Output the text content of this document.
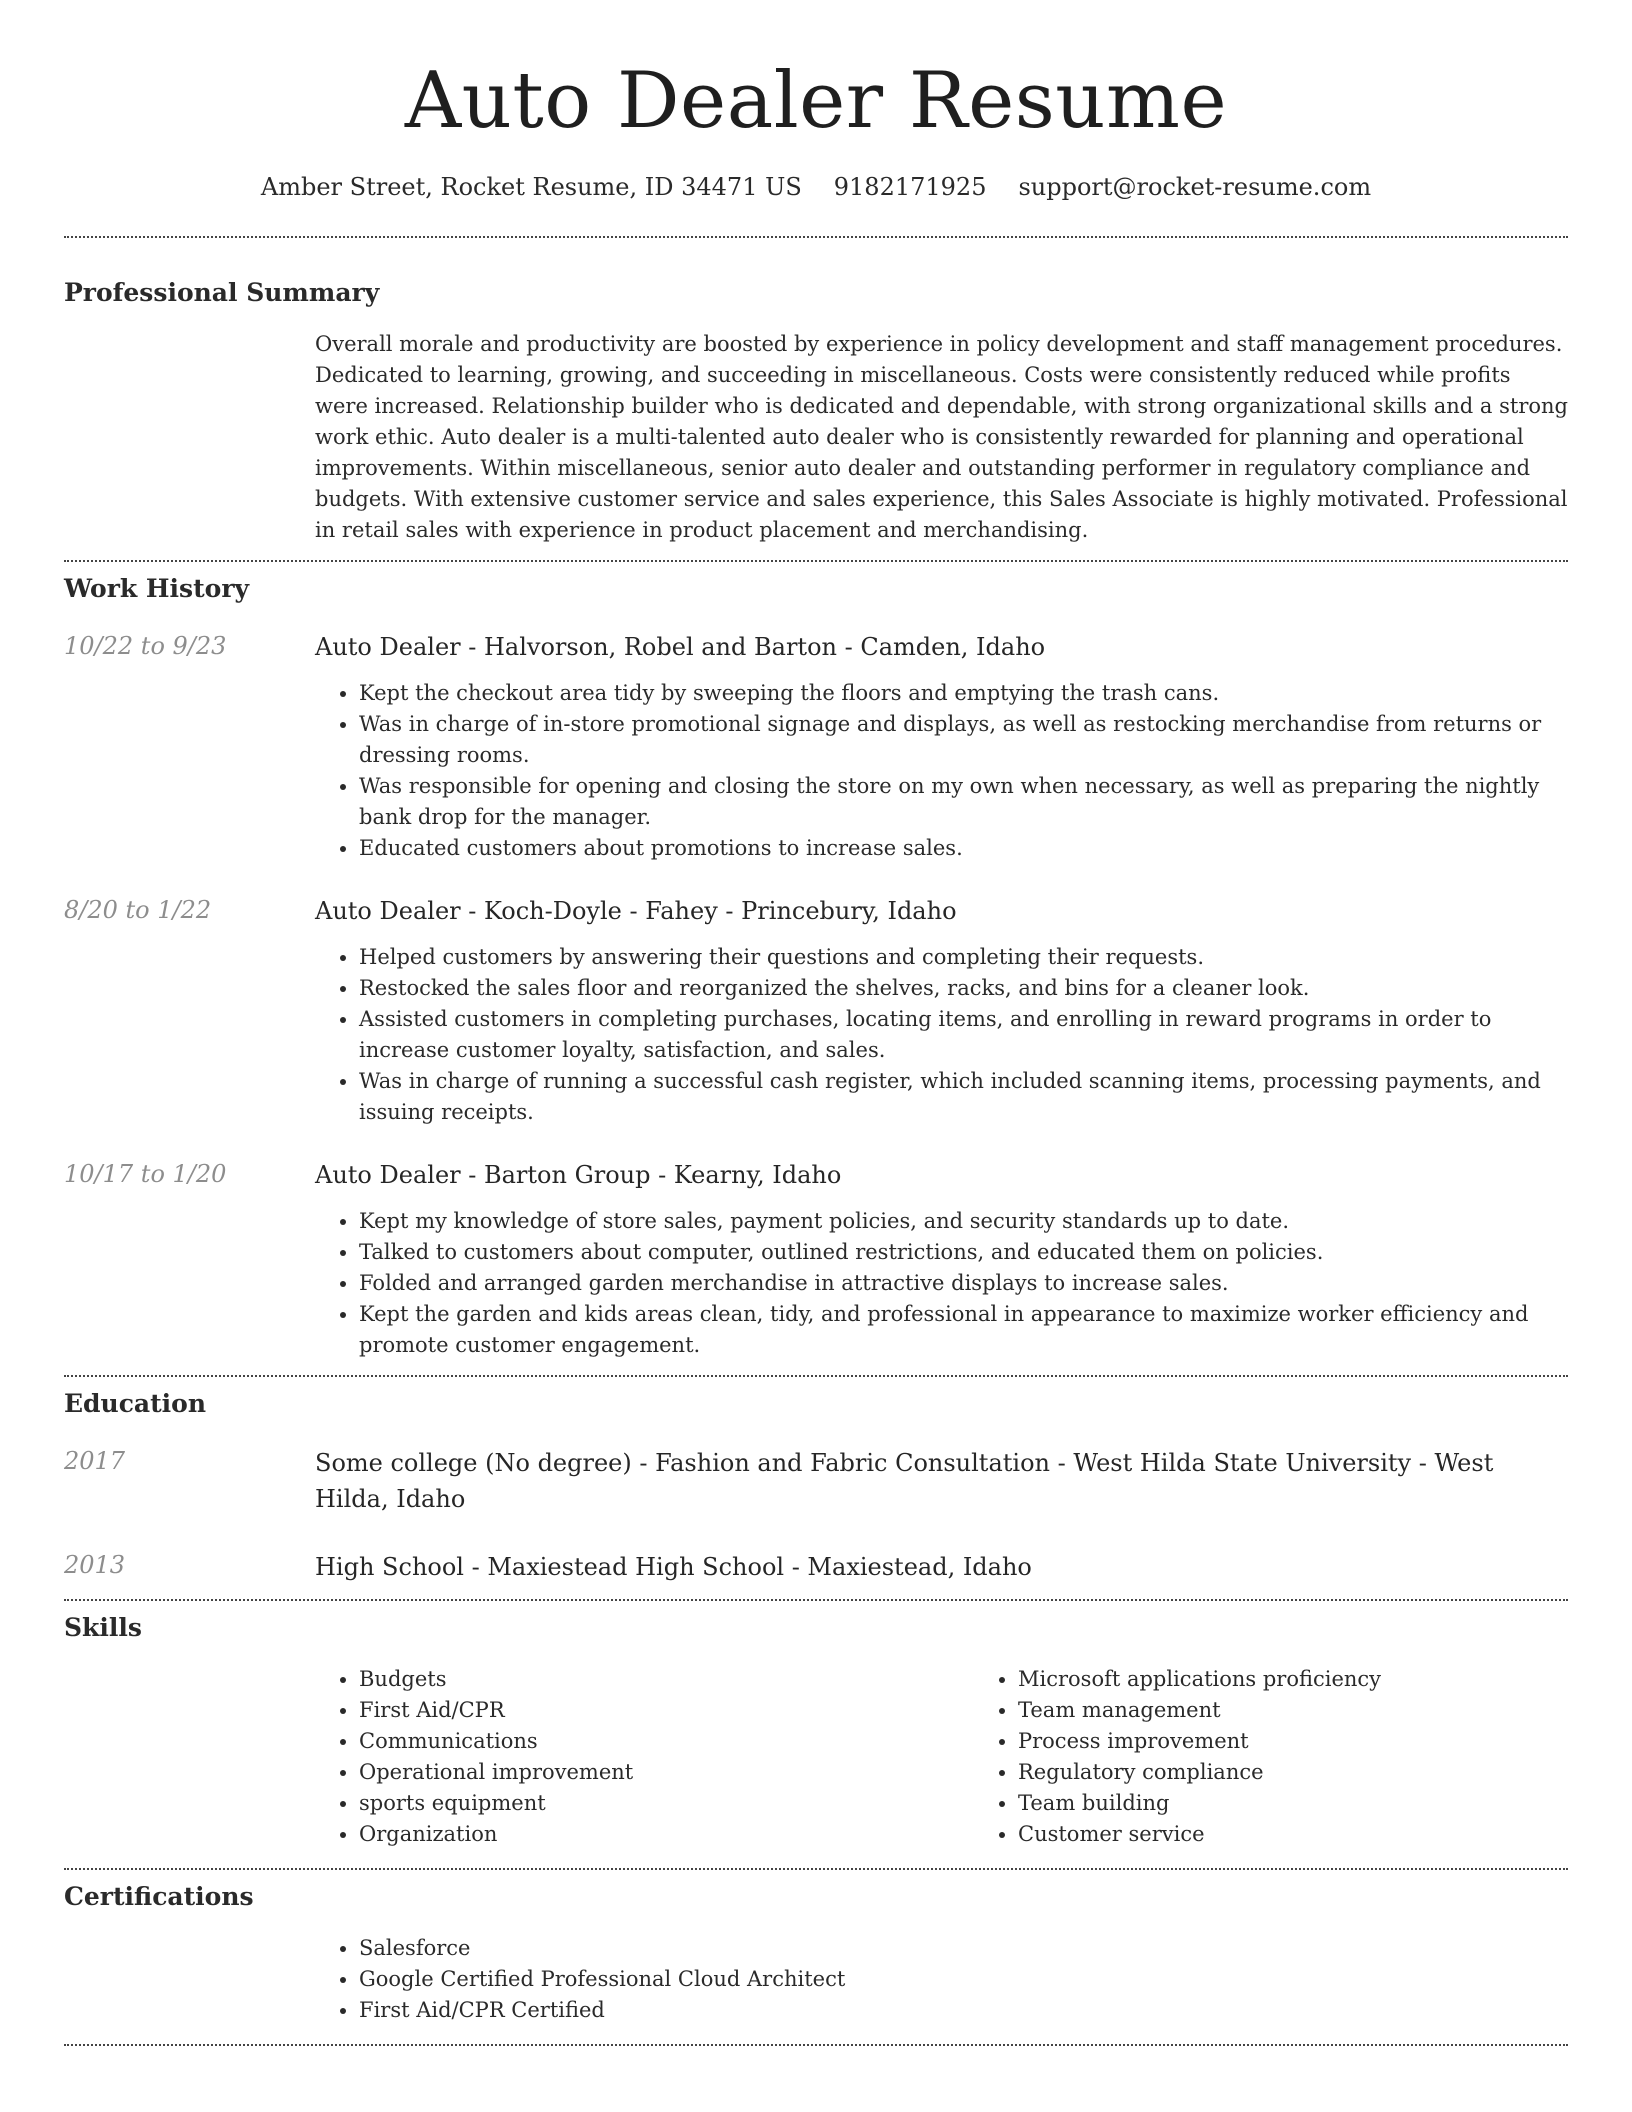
Auto Dealer Resume
Amber Street, Rocket Resume, ID 34471 US 9182171925 support@rocket-resume.com
Professional Summary

Overall morale and productivity are boosted by experience in policy development and staff management procedures. Dedicated to learning, growing, and succeeding in miscellaneous. Costs were consistently reduced while profits were increased. Relationship builder who is dedicated and dependable, with strong organizational skills and a strong work ethic. Auto dealer is a multi-talented auto dealer who is consistently rewarded for planning and operational improvements. Within miscellaneous, senior auto dealer and outstanding performer in regulatory compliance and budgets. With extensive customer service and sales experience, this Sales Associate is highly motivated. Professional in retail sales with experience in product placement and merchandising.

Work History
10/22 to 9/23	Auto Dealer - Halvorson, Robel and Barton - Camden, Idaho
• Kept the checkout area tidy by sweeping the floors and emptying the trash cans.
• Was in charge of in-store promotional signage and displays, as well as restocking merchandise from returns or dressing rooms.
• Was responsible for opening and closing the store on my own when necessary, as well as preparing the nightly bank drop for the manager.
• Educated customers about promotions to increase sales.
8/20 to 1/22	Auto Dealer - Koch-Doyle - Fahey - Princebury, Idaho
• Helped customers by answering their questions and completing their requests.
• Restocked the sales floor and reorganized the shelves, racks, and bins for a cleaner look.
• Assisted customers in completing purchases, locating items, and enrolling in reward programs in order to increase customer loyalty, satisfaction, and sales.
• Was in charge of running a successful cash register, which included scanning items, processing payments, and issuing receipts.
10/17 to 1/20	Auto Dealer - Barton Group - Kearny, Idaho
• Kept my knowledge of store sales, payment policies, and security standards up to date.
• Talked to customers about computer, outlined restrictions, and educated them on policies.
• Folded and arranged garden merchandise in attractive displays to increase sales.
• Kept the garden and kids areas clean, tidy, and professional in appearance to maximize worker efficiency and promote customer engagement.
Education
2017	Some college (No degree) - Fashion and Fabric Consultation - West Hilda State University - West Hilda, Idaho
2013	High School - Maxiestead High School - Maxiestead, Idaho
Skills
• Budgets
• First Aid/CPR
• Communications
• Operational improvement
• sports equipment
• Organization
• Microsoft applications proficiency
• Team management
• Process improvement
• Regulatory compliance
• Team building
• Customer service
Certifications
• Salesforce
• Google Certified Professional Cloud Architect
• First Aid/CPR Certified
